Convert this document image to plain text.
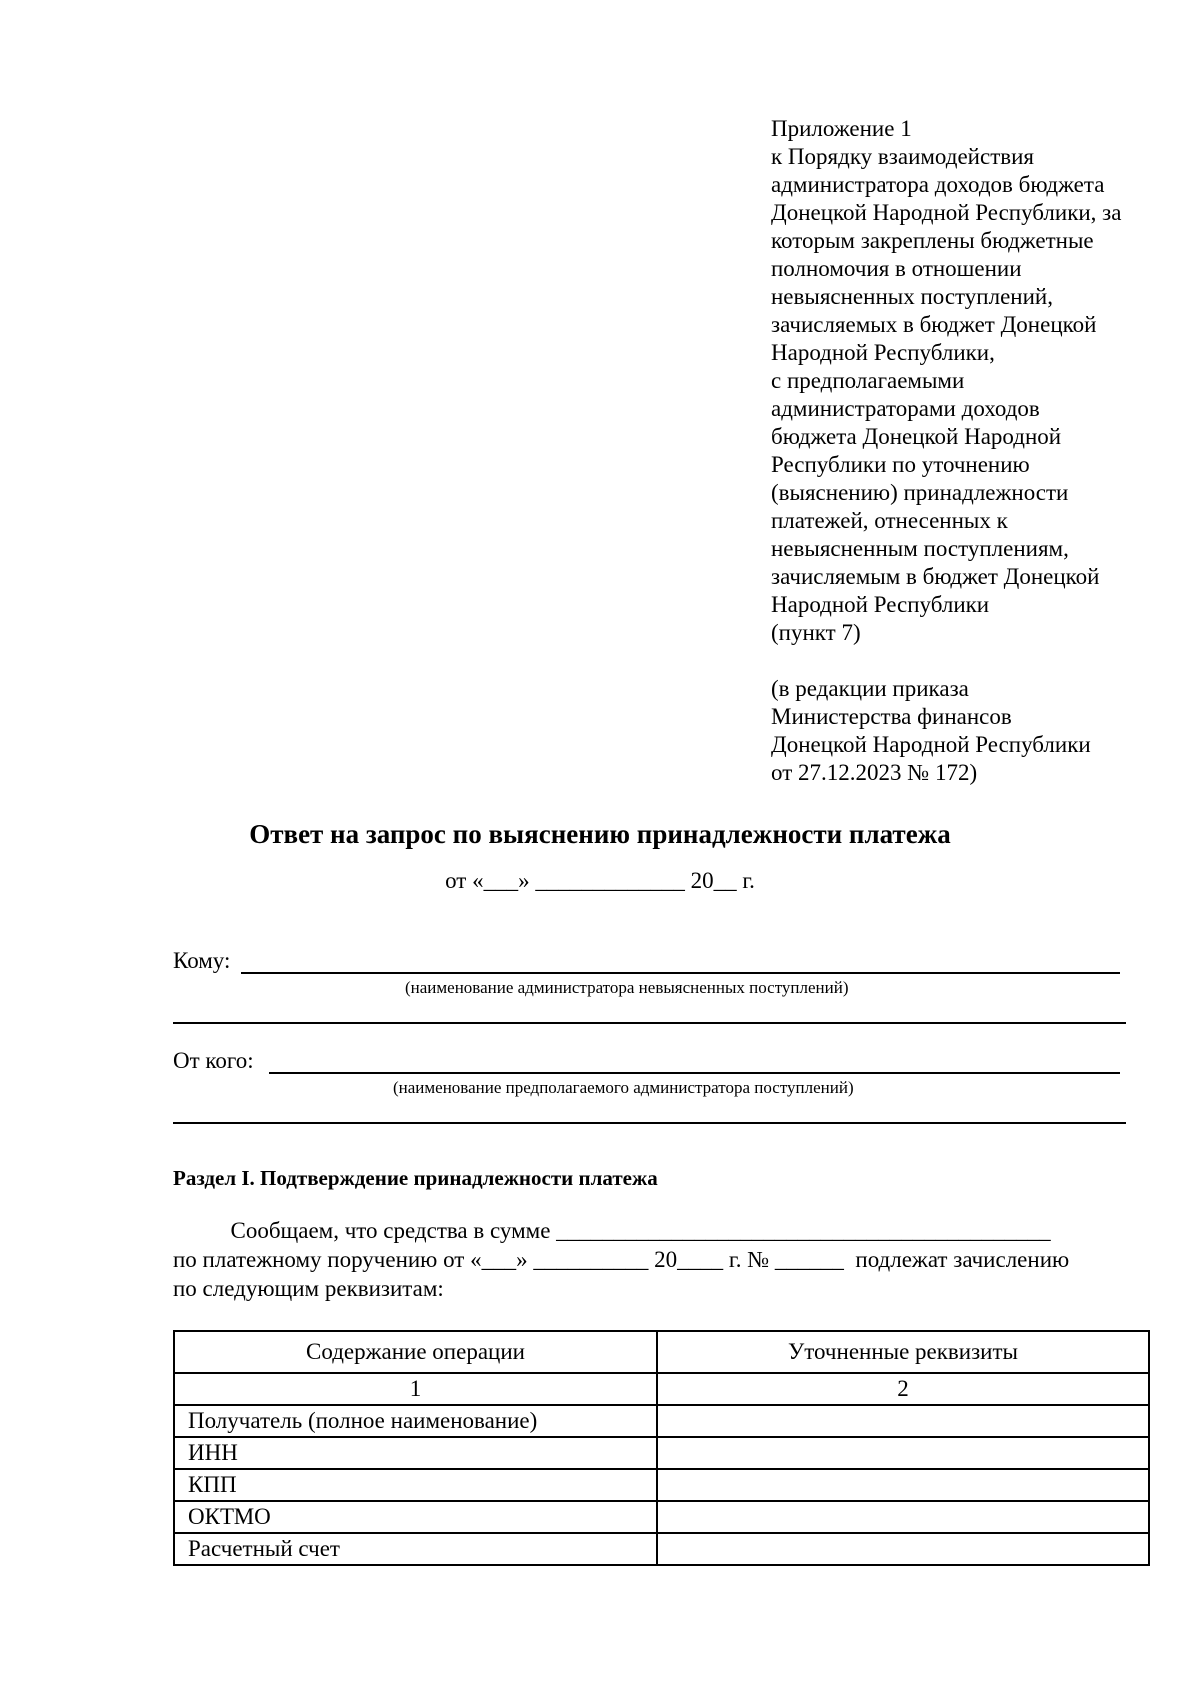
Приложение 1
к Порядку взаимодействия
администратора доходов бюджета
Донецкой Народной Республики, за
которым закреплены бюджетные
полномочия в отношении
невыясненных поступлений,
зачисляемых в бюджет Донецкой
Народной Республики,
с предполагаемыми
администраторами доходов
бюджета Донецкой Народной
Республики по уточнению
(выяснению) принадлежности
платежей, отнесенных к
невыясненным поступлениям,
зачисляемым в бюджет Донецкой
Народной Республики
(пункт 7)
(в редакции приказа
Министерства финансов
Донецкой Народной Республики
от 27.12.2023 № 172)
Ответ на запрос по выяснению принадлежности платежа
от «___» _____________ 20__ г.
Кому:
(наименование администратора невыясненных поступлений)
От кого:
(наименование предполагаемого администратора поступлений)
Раздел I. Подтверждение принадлежности платежа
Сообщаем, что средства в сумме ___________________________________________
по платежному поручению от «___» __________ 20____ г. № ______  подлежат зачислению
по следующим реквизитам:
Содержание операции	Уточненные реквизиты
1	2
Получатель (полное наименование)	
ИНН	
КПП	
ОКТМО	
Расчетный счет	
